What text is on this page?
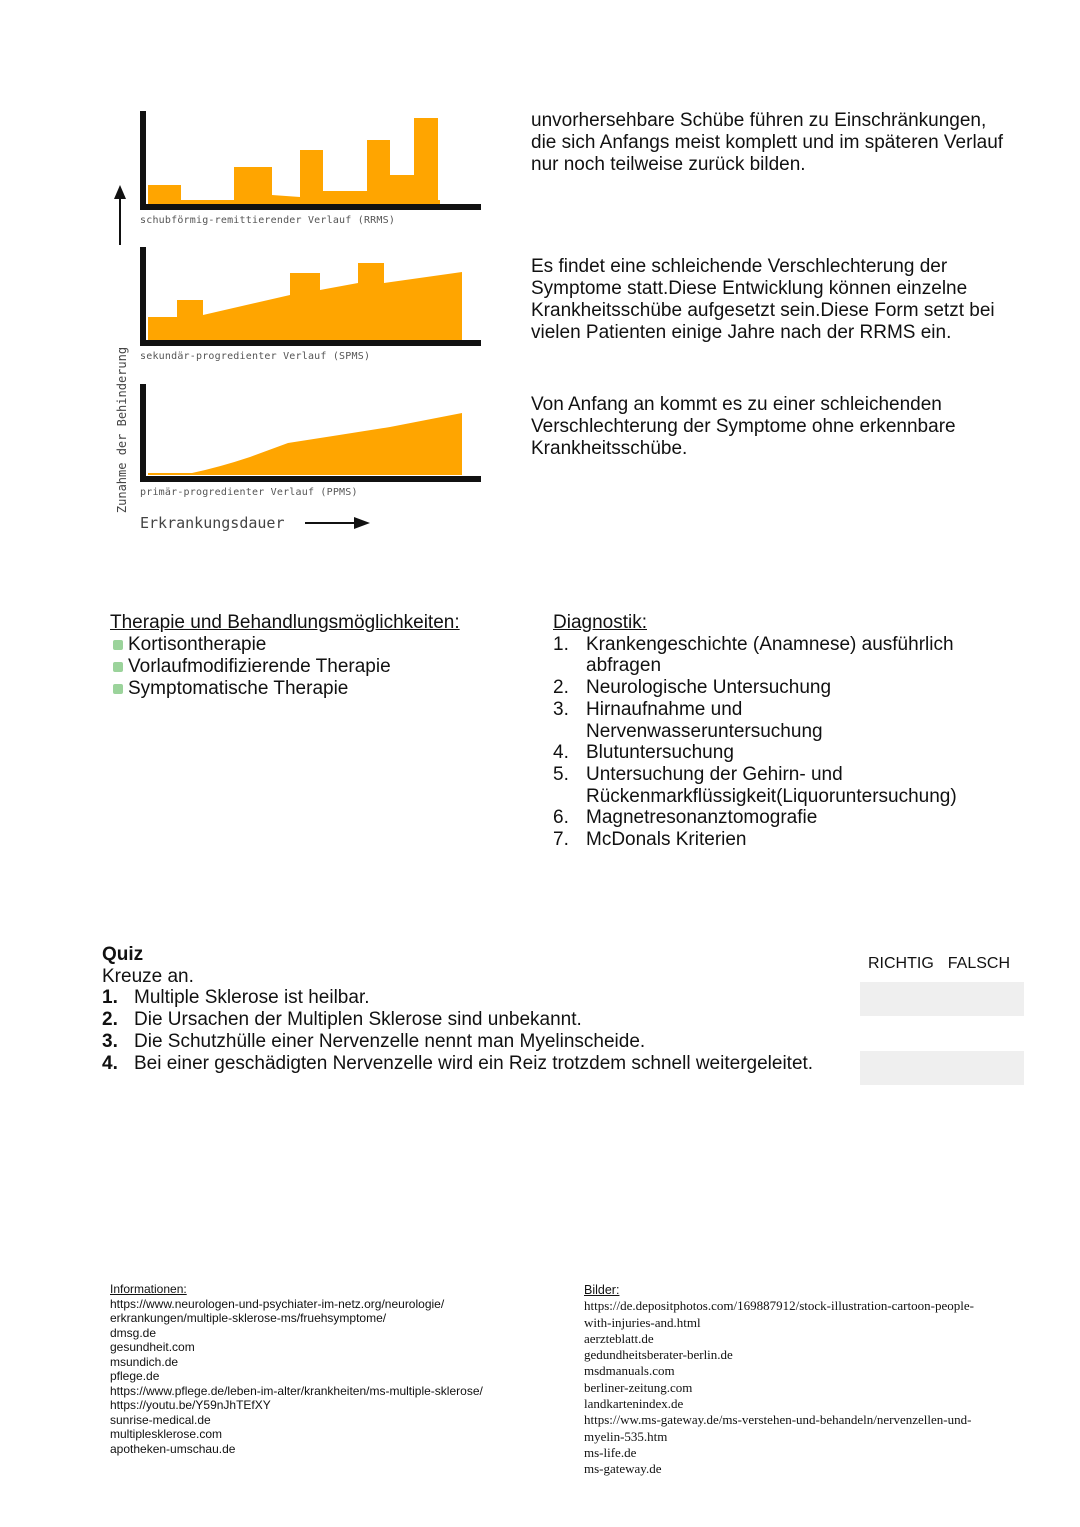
schubförmig-remittierender Verlauf (RRMS)
sekundär-progredienter Verlauf (SPMS)
primär-progredienter Verlauf (PPMS)
Zunahme der Behinderung
Erkrankungsdauer
unvorhersehbare Schübe führen zu Einschränkungen, die sich Anfangs meist komplett und im späteren Verlauf nur noch teilweise zurück bilden.
Es findet eine schleichende Verschlechterung der Symptome statt.Diese Entwicklung können einzelne Krankheitsschübe aufgesetzt sein.Diese Form setzt bei vielen Patienten einige Jahre nach der RRMS ein.
Von Anfang an kommt es zu einer schleichenden Verschlechterung der Symptome ohne erkennbare Krankheitsschübe.
Therapie und Behandlungsmöglichkeiten:
Kortisontherapie
Vorlaufmodifizierende Therapie
Symptomatische Therapie
Diagnostik:
1. Krankengeschichte (Anamnese) ausführlich abfragen
2. Neurologische Untersuchung
3. Hirnaufnahme und Nervenwasseruntersuchung
4. Blutuntersuchung
5. Untersuchung der Gehirn- und Rückenmarkflüssigkeit(Liquoruntersuchung)
6. Magnetresonanztomografie
7. McDonals Kriterien
Quiz
Kreuze an.
1. Multiple Sklerose ist heilbar.
2. Die Ursachen der Multiplen Sklerose sind unbekannt.
3. Die Schutzhülle einer Nervenzelle nennt man Myelinscheide.
4. Bei einer geschädigten Nervenzelle wird ein Reiz trotzdem schnell weitergeleitet.
RICHTIG FALSCH
Informationen:
https://www.neurologen-und-psychiater-im-netz.org/neurologie/
erkrankungen/multiple-sklerose-ms/fruehsymptome/
dmsg.de
gesundheit.com
msundich.de
pflege.de
https://www.pflege.de/leben-im-alter/krankheiten/ms-multiple-sklerose/
https://youtu.be/Y59nJhTEfXY
sunrise-medical.de
multiplesklerose.com
apotheken-umschau.de
Bilder:
https://de.depositphotos.com/169887912/stock-illustration-cartoon-people-
with-injuries-and.html
aerzteblatt.de
gedundheitsberater-berlin.de
msdmanuals.com
berliner-zeitung.com
landkartenindex.de
https://ww.ms-gateway.de/ms-verstehen-und-behandeln/nervenzellen-und-
myelin-535.htm
ms-life.de
ms-gateway.de
